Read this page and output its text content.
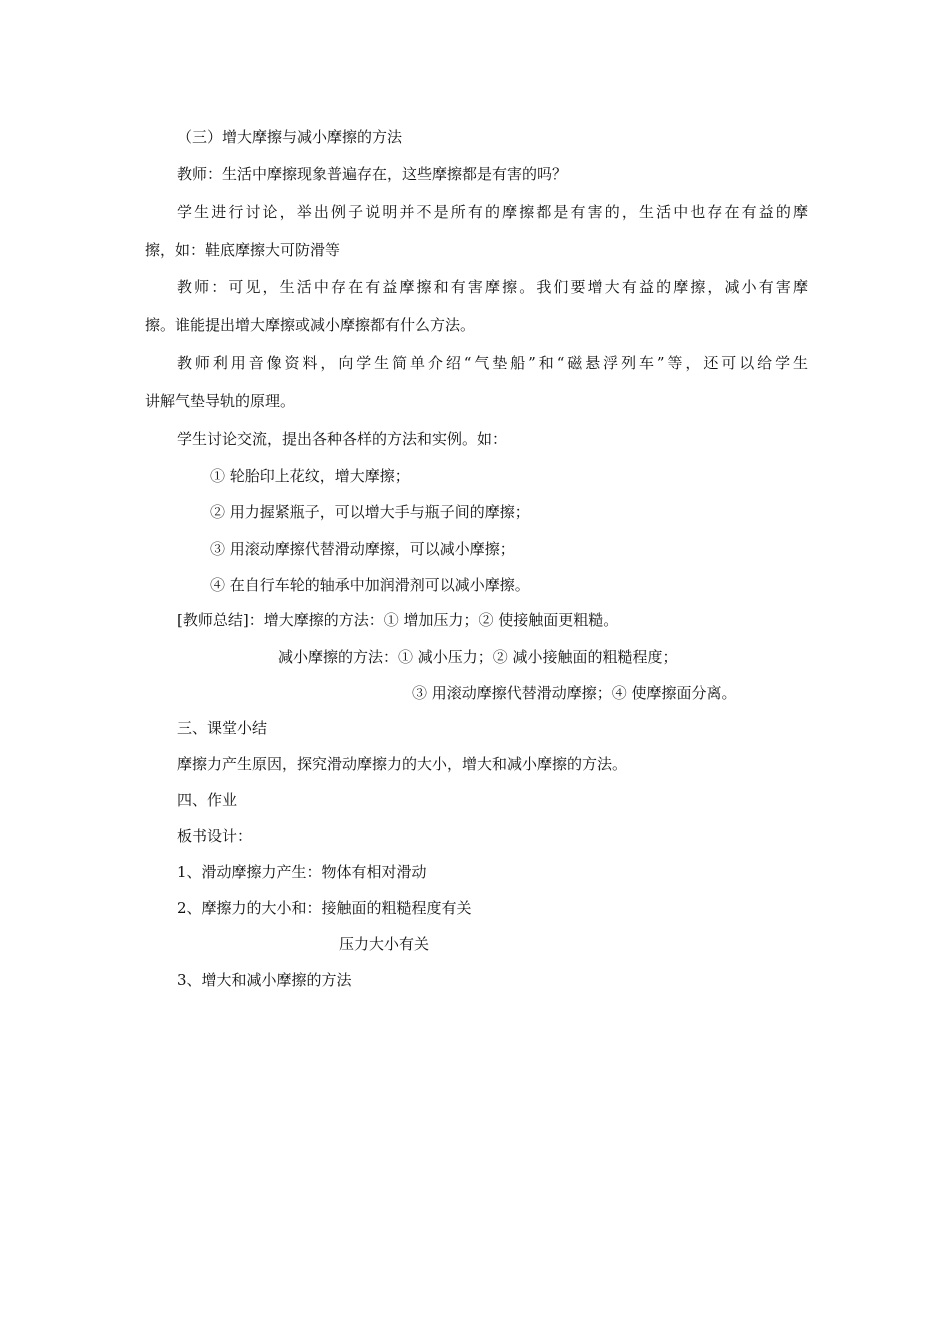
（三）增大摩擦与减小摩擦的方法
教师：生活中摩擦现象普遍存在，这些摩擦都是有害的吗？
学生进行讨论，举出例子说明并不是所有的摩擦都是有害的，生活中也存在有益的摩
擦，如：鞋底摩擦大可防滑等
教师：可见，生活中存在有益摩擦和有害摩擦。我们要增大有益的摩擦，减小有害摩
擦。谁能提出增大摩擦或减小摩擦都有什么方法。
教师利用音像资料，向学生简单介绍“气垫船”和“磁悬浮列车”等，还可以给学生
讲解气垫导轨的原理。
学生讨论交流，提出各种各样的方法和实例。如：
① 轮胎印上花纹，增大摩擦；
② 用力握紧瓶子，可以增大手与瓶子间的摩擦；
③ 用滚动摩擦代替滑动摩擦，可以减小摩擦；
④ 在自行车轮的轴承中加润滑剂可以减小摩擦。
[教师总结]：增大摩擦的方法：① 增加压力；② 使接触面更粗糙。
减小摩擦的方法：① 减小压力；② 减小接触面的粗糙程度；
③ 用滚动摩擦代替滑动摩擦；④ 使摩擦面分离。
三、课堂小结
摩擦力产生原因，探究滑动摩擦力的大小，增大和减小摩擦的方法。
四、作业
板书设计：
1、滑动摩擦力产生：物体有相对滑动
2、摩擦力的大小和：接触面的粗糙程度有关
压力大小有关
3、增大和减小摩擦的方法
